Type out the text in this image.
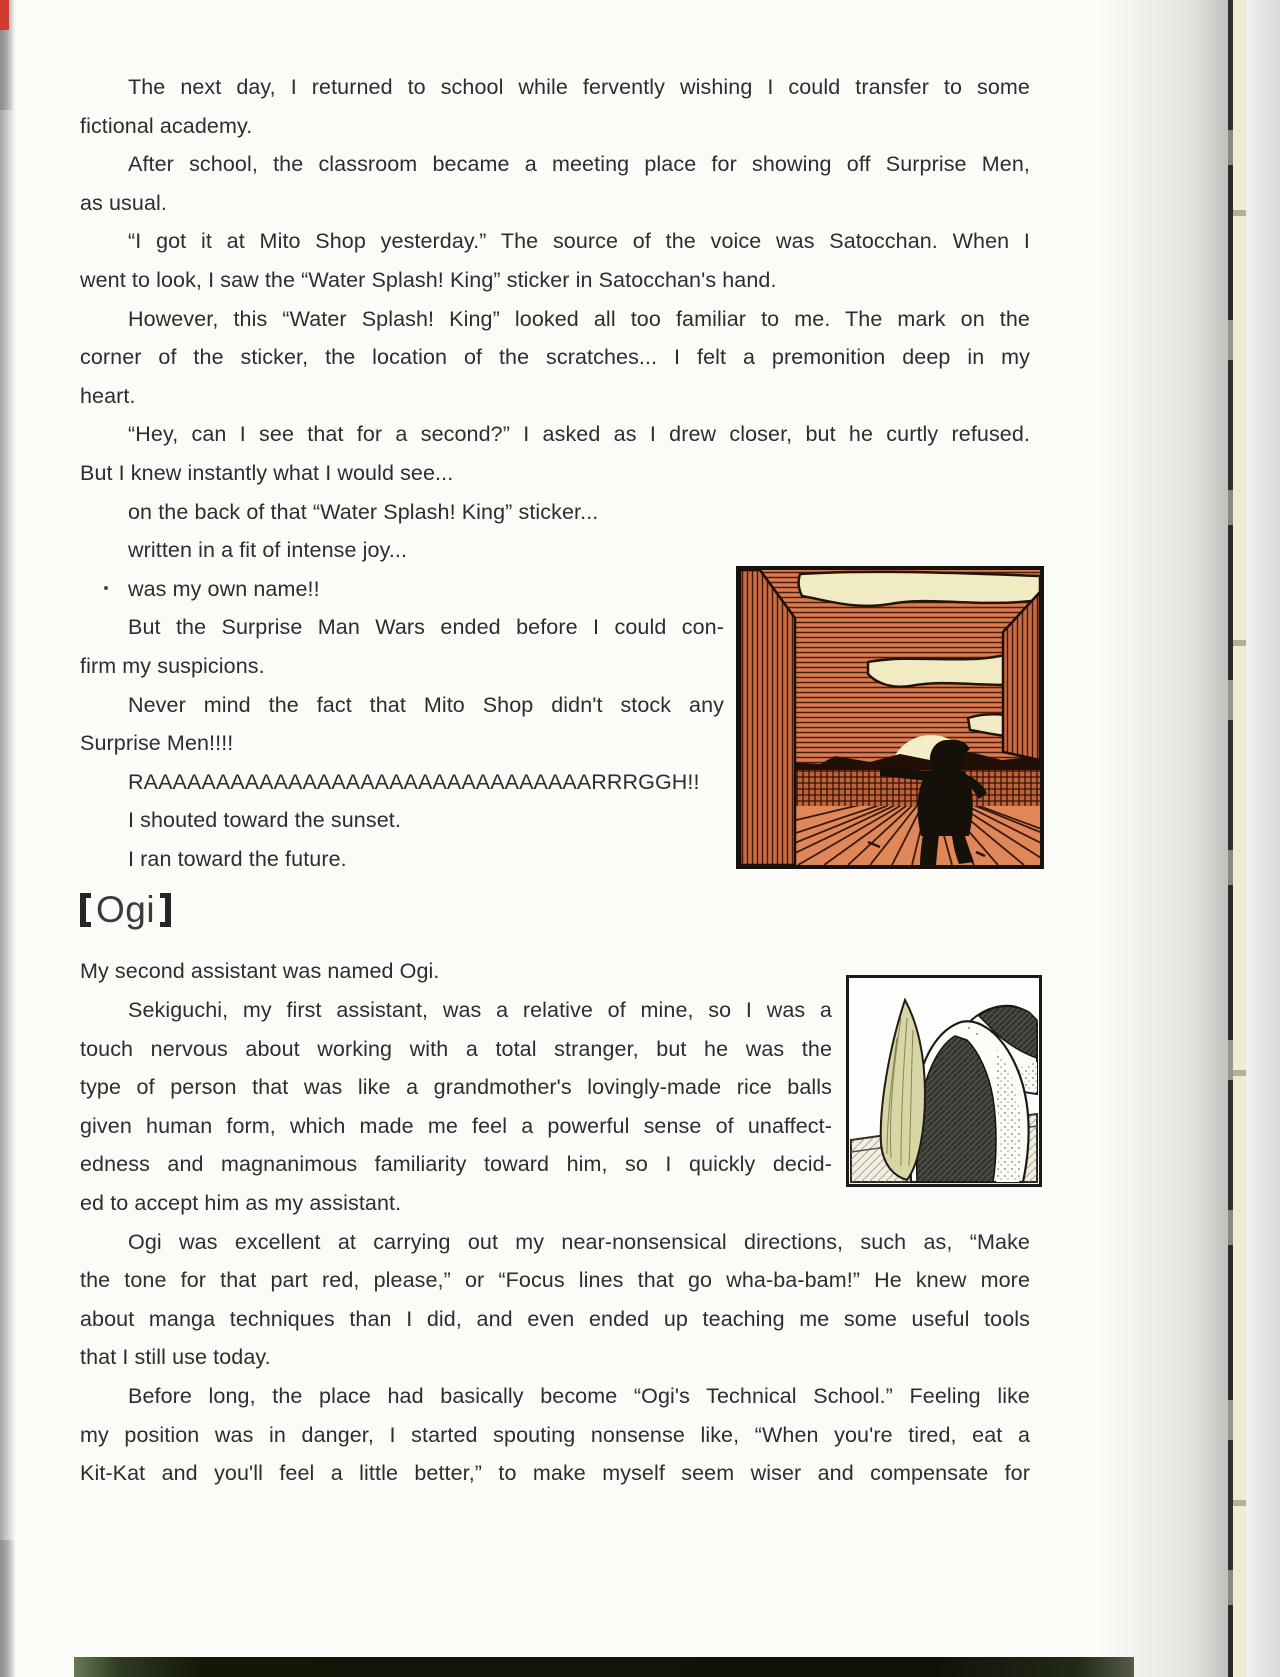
The next day, I returned to school while fervently wishing I could transfer to some
fictional academy.
After school, the classroom became a meeting place for showing off Surprise Men,
as usual.
“I got it at Mito Shop yesterday.” The source of the voice was Satocchan. When I
went to look, I saw the “Water Splash! King” sticker in Satocchan's hand.
However, this “Water Splash! King” looked all too familiar to me. The mark on the
corner of the sticker, the location of the scratches... I felt a premonition deep in my
heart.
“Hey, can I see that for a second?” I asked as I drew closer, but he curtly refused.
But I knew instantly what I would see...
on the back of that “Water Splash! King” sticker...
written in a fit of intense joy...
was my own name!!
But the Surprise Man Wars ended before I could con-
firm my suspicions.
Never mind the fact that Mito Shop didn't stock any
Surprise Men!!!!
RAAAAAAAAAAAAAAAAAAAAAAAAAAAAAAARRRGGH!!
I shouted toward the sunset.
I ran toward the future.
Ogi
My second assistant was named Ogi.
Sekiguchi, my first assistant, was a relative of mine, so I was a
touch nervous about working with a total stranger, but he was the
type of person that was like a grandmother's lovingly-made rice balls
given human form, which made me feel a powerful sense of unaffect-
edness and magnanimous familiarity toward him, so I quickly decid-
ed to accept him as my assistant.
Ogi was excellent at carrying out my near-nonsensical directions, such as, “Make
the tone for that part red, please,” or “Focus lines that go wha-ba-bam!” He knew more
about manga techniques than I did, and even ended up teaching me some useful tools
that I still use today.
Before long, the place had basically become “Ogi's Technical School.” Feeling like
my position was in danger, I started spouting nonsense like, “When you're tired, eat a
Kit-Kat and you'll feel a little better,” to make myself seem wiser and compensate for
